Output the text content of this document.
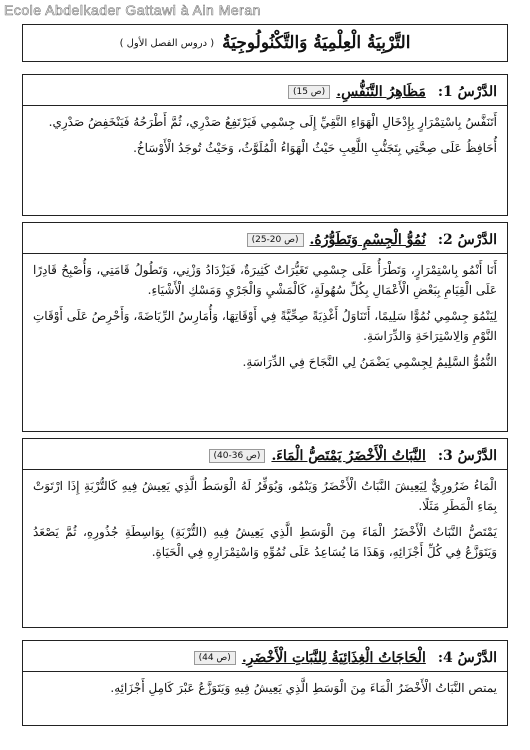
Ecole Abdelkader Gattawi à Ain Meran
التَّرْبِيَةُ الْعِلْمِيَةُ وَالتَّكْنُولُوجِيَةُ
( دروس الفصل الأول )
الدَّرْسُ 1:
مَظَاهِرُ التَّنَفُّسِ.
(ص 15)

أَتَنَفَّسُ بِاسْتِمْرَارٍ بِإِدْخَالِ الْهَوَاءِ النَّقِيِّ إِلَى جِسْمِي فَيَرْتَفِعُ صَدْرِي، ثُمَّ أَطْرَحُهُ فَيَنْخَفِضُ صَدْرِي.

أُحَافِظُ عَلَى صِحَّتِي بِتَجَنُّبِ اللَّعِبِ حَيْثُ الْهَوَاءُ الْمُلَوَّثُ، وَحَيْثُ تُوجَدُ الْأَوْسَاخُ.

الدَّرْسُ 2:
نُمُوُّ الْجِسْمِ وَتَطَوُّرُهُ.
(ص 20-25)

أَنَا أَنْمُو بِاسْتِمْرَارٍ، وَتَطْرَأُ عَلَى جِسْمِي تَغَيُّرَاتٌ كَثِيرَةٌ، فَيَزْدَادُ وَزْنِي، وَتَطُولُ قَامَتِي، وَأُصْبِحُ قَادِرًا عَلَى الْقِيَامِ بِبَعْضِ الْأَعْمَالِ بِكُلِّ سُهُولَةٍ، كَالْمَشْيِ وَالْجَرْيِ وَمَسْكِ الْأَشْيَاءِ.

لِيَنْمُوَ جِسْمِي نُمُوًّا سَلِيمًا، أَتَنَاوَلُ أَغْذِيَةً صِحِّيَّةً فِي أَوْقَاتِهَا، وَأُمَارِسُ الرِّيَاضَةَ، وَأَحْرِصُ عَلَى أَوْقَاتِ النَّوْمِ وَالِاسْتِرَاحَةِ وَالدِّرَاسَةِ.

النُّمُوُّ السَّلِيمُ لِجِسْمِي يَضْمَنُ لِي النَّجَاحَ فِي الدِّرَاسَةِ.

الدَّرْسُ 3:
النَّبَاتُ الْأَخْضَرُ يَمْتَصُّ الْمَاءَ.
(ص 36-40)

الْمَاءُ ضَرُورِيٌّ لِيَعِيشَ النَّبَاتُ الْأَخْضَرُ وَيَنْمُو، وَيُوَفِّرُ لَهُ الْوَسَطُ الَّذِي يَعِيشُ فِيهِ كَالتُّرْبَةِ إِذَا ارْتَوَتْ بِمَاءِ الْمَطَرِ مَثَلًا.

يَمْتَصُّ النَّبَاتُ الْأَخْضَرُ الْمَاءَ مِنَ الْوَسَطِ الَّذِي يَعِيشُ فِيهِ (التُّرْبَةِ) بِوَاسِطَةِ جُذُورِهِ، ثُمَّ يَصْعَدُ وَيَتَوَزَّعُ فِي كُلِّ أَجْزَائِهِ، وَهَذَا مَا يُسَاعِدُ عَلَى نُمُوِّهِ وَاسْتِمْرَارِهِ فِي الْحَيَاةِ.

الدَّرْسُ 4:
الْحَاجَاتُ الْغِذَائِيَةُ لِلنَّبَاتِ الْأَخْضَرِ.
(ص 44)

يمتص النَّبَاتُ الْأَخْضَرُ الْمَاءَ مِنَ الْوَسَطِ الَّذِي يَعِيشُ فِيهِ وَيَتَوَزَّعُ عَبْرَ كَامِلِ أَجْزَائِهِ.
